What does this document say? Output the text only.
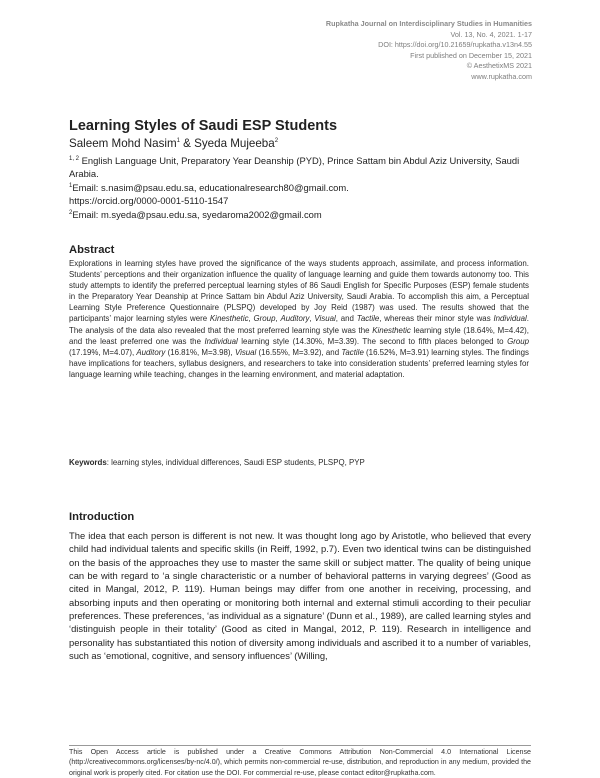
Rupkatha Journal on Interdisciplinary Studies in Humanities
Vol. 13, No. 4, 2021. 1-17
DOI: https://doi.org/10.21659/rupkatha.v13n4.55
First published on December 15, 2021
© AesthetixMS 2021
www.rupkatha.com
Learning Styles of Saudi ESP Students
Saleem Mohd Nasim$^1$ & Syeda Mujeeba$^2$
$^{1, 2}$ English Language Unit, Preparatory Year Deanship (PYD), Prince Sattam bin Abdul Aziz University, Saudi Arabia.
$^1$Email: s.nasim@psau.edu.sa, educationalresearch80@gmail.com.
https://orcid.org/0000-0001-5110-1547
$^2$Email: m.syeda@psau.edu.sa, syedaroma2002@gmail.com
Abstract
Explorations in learning styles have proved the significance of the ways students approach, assimilate, and process information. Students’ perceptions and their organization influence the quality of language learning and guide them towards autonomy too. This study attempts to identify the preferred perceptual learning styles of 86 Saudi English for Specific Purposes (ESP) female students in the Preparatory Year Deanship at Prince Sattam bin Abdul Aziz University, Saudi Arabia. To accomplish this aim, a Perceptual Learning Style Preference Questionnaire (PLSPQ) developed by Joy Reid (1987) was used. The results showed that the participants’ major learning styles were Kinesthetic, Group, Auditory, Visual, and Tactile, whereas their minor style was Individual. The analysis of the data also revealed that the most preferred learning style was the Kinesthetic learning style (18.64%, M=4.42), and the least preferred one was the Individual learning style (14.30%, M=3.39). The second to fifth places belonged to Group (17.19%, M=4.07), Auditory (16.81%, M=3.98), Visual (16.55%, M=3.92), and Tactile (16.52%, M=3.91) learning styles. The findings have implications for teachers, syllabus designers, and researchers to take into consideration students’ preferred learning styles for language learning while teaching, changes in the learning environment, and material adaptation.
Keywords: learning styles, individual differences, Saudi ESP students, PLSPQ, PYP
Introduction
The idea that each person is different is not new. It was thought long ago by Aristotle, who believed that every child had individual talents and specific skills (in Reiff, 1992, p.7). Even two identical twins can be distinguished on the basis of the approaches they use to master the same skill or subject matter. The quality of being unique can be with regard to ‘a single characteristic or a number of behavioral patterns in varying degrees’ (Good as cited in Mangal, 2012, P. 119). Human beings may differ from one another in receiving, processing, and absorbing inputs and then operating or monitoring both internal and external stimuli according to their peculiar preferences. These preferences, ‘as individual as a signature’ (Dunn et al., 1989), are called learning styles and ‘distinguish people in their totality’ (Good as cited in Mangal, 2012, P. 119). Research in intelligence and personality has substantiated this notion of diversity among individuals and ascribed it to a number of variables, such as ‘emotional, cognitive, and sensory influences’ (Willing,
This Open Access article is published under a Creative Commons Attribution Non-Commercial 4.0 International License (http://creativecommons.org/licenses/by-nc/4.0/), which permits non-commercial re-use, distribution, and reproduction in any medium, provided the original work is properly cited. For citation use the DOI. For commercial re-use, please contact editor@rupkatha.com.
